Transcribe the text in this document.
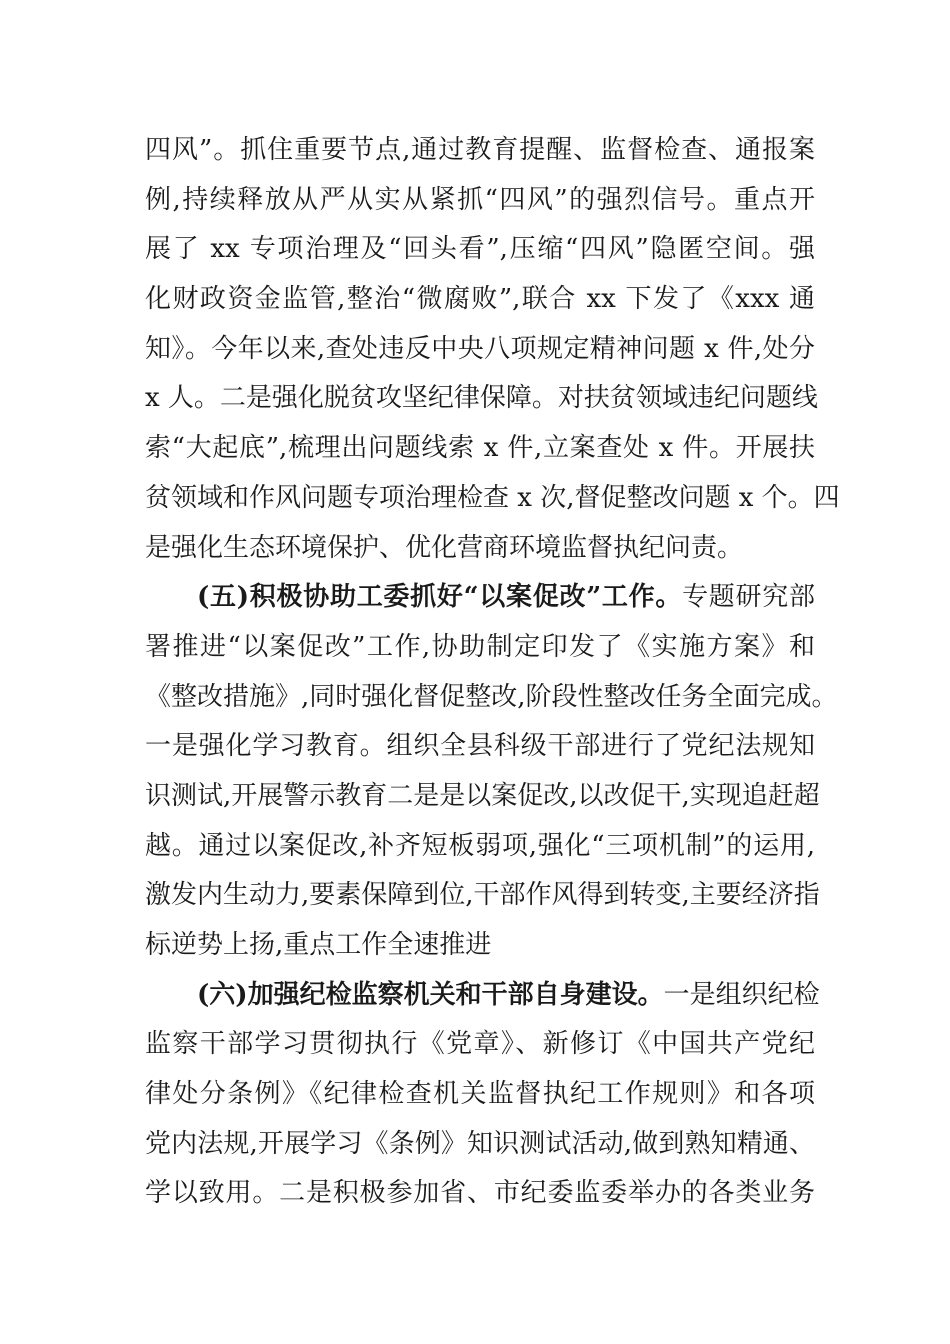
四风”。抓住重要节点,通过教育提醒、监督检查、通报案
例,持续释放从严从实从紧抓“四风”的强烈信号。重点开
展了 xx 专项治理及“回头看”,压缩“四风”隐匿空间。强
化财政资金监管,整治“微腐败”,联合 xx 下发了《xxx 通
知》。今年以来,查处违反中央八项规定精神问题 x 件,处分
x 人。二是强化脱贫攻坚纪律保障。对扶贫领域违纪问题线
索“大起底”,梳理出问题线索 x 件,立案查处 x 件。开展扶
贫领域和作风问题专项治理检查 x 次,督促整改问题 x 个。四
是强化生态环境保护、优化营商环境监督执纪问责。
(五)积极协助工委抓好“以案促改”工作。专题研究部
署推进“以案促改”工作,协助制定印发了《实施方案》和
《整改措施》,同时强化督促整改,阶段性整改任务全面完成。
一是强化学习教育。组织全县科级干部进行了党纪法规知
识测试,开展警示教育二是是以案促改,以改促干,实现追赶超
越。通过以案促改,补齐短板弱项,强化“三项机制”的运用,
激发内生动力,要素保障到位,干部作风得到转变,主要经济指
标逆势上扬,重点工作全速推进
(六)加强纪检监察机关和干部自身建设。一是组织纪检
监察干部学习贯彻执行《党章》、新修订《中国共产党纪
律处分条例》《纪律检查机关监督执纪工作规则》和各项
党内法规,开展学习《条例》知识测试活动,做到熟知精通、
学以致用。二是积极参加省、市纪委监委举办的各类业务
